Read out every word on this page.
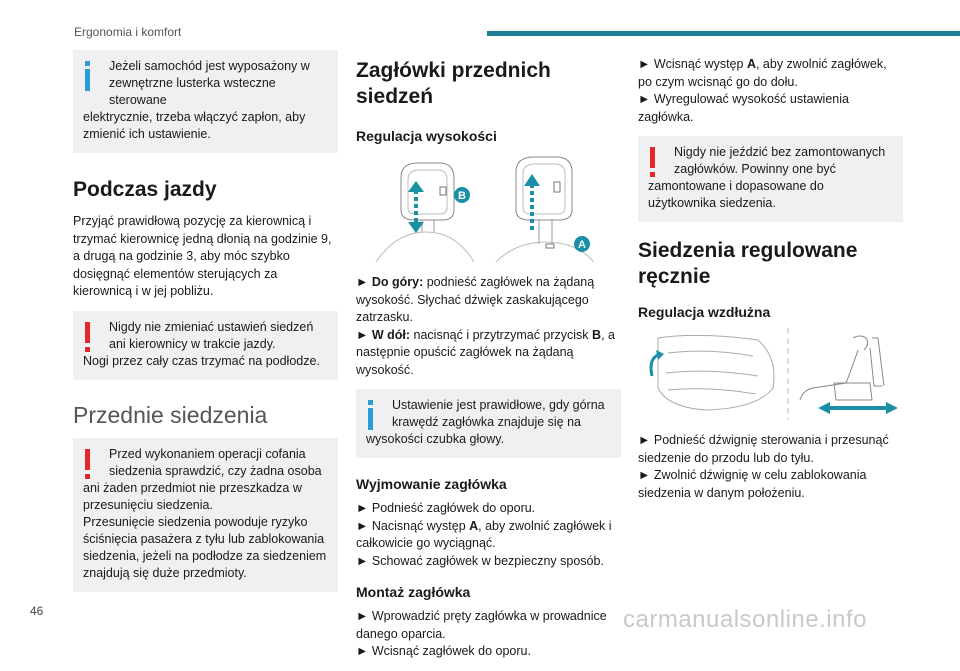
Ergonomia i komfort
Jeżeli samochód jest wyposażony w zewnętrzne lusterka wsteczne sterowane
elektrycznie, trzeba włączyć zapłon, aby zmienić ich ustawienie.
Podczas jazdy
Przyjąć prawidłową pozycję za kierownicą i trzymać kierownicę jedną dłonią na godzinie 9, a drugą na godzinie 3, aby móc szybko dosięgnąć elementów sterujących za kierownicą i w jej pobliżu.
Nigdy nie zmieniać ustawień siedzeń ani kierownicy w trakcie jazdy.
Nogi przez cały czas trzymać na podłodze.
Przednie siedzenia
Przed wykonaniem operacji cofania siedzenia sprawdzić, czy żadna osoba

ani żaden przedmiot nie przeszkadza w przesunięciu siedzenia.

Przesunięcie siedzenia powoduje ryzyko ściśnięcia pasażera z tyłu lub zablokowania siedzenia, jeżeli na podłodze za siedzeniem znajdują się duże przedmioty.

Zagłówki przednich siedzeń
Regulacja wysokości
B
A

► Do góry: podnieść zagłówek na żądaną wysokość. Słychać dźwięk zaskakującego zatrzasku.

► W dół: nacisnąć i przytrzymać przycisk B, a następnie opuścić zagłówek na żądaną wysokość.

Ustawienie jest prawidłowe, gdy górna krawędź zagłówka znajduje się na
wysokości czubka głowy.
Wyjmowanie zagłówka

► Podnieść zagłówek do oporu.

► Nacisnąć występ A, aby zwolnić zagłówek i całkowicie go wyciągnąć.

► Schować zagłówek w bezpieczny sposób.

Montaż zagłówka

► Wprowadzić pręty zagłówka w prowadnice danego oparcia.

► Wcisnąć zagłówek do oporu.

► Wcisnąć występ A, aby zwolnić zagłówek, po czym wcisnąć go do dołu.

► Wyregulować wysokość ustawienia zagłówka.

Nigdy nie jeździć bez zamontowanych zagłówków. Powinny one być
zamontowane i dopasowane do użytkownika siedzenia.
Siedzenia regulowane ręcznie
Regulacja wzdłużna

► Podnieść dźwignię sterowania i przesunąć siedzenie do przodu lub do tyłu.

► Zwolnić dźwignię w celu zablokowania siedzenia w danym położeniu.

46	carmanualsonline.info
